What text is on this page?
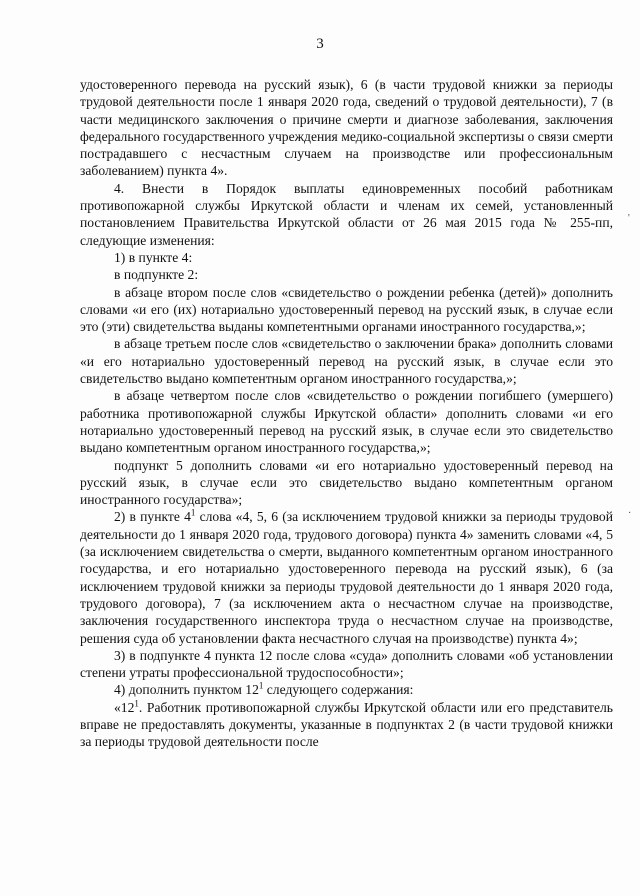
3

удостоверенного перевода на русский язык), 6 (в части трудовой книжки за периоды трудовой деятельности после 1 января 2020 года, сведений о трудовой деятельности), 7 (в части медицинского заключения о причине смерти и диагнозе заболевания, заключения федерального государственного учреждения медико-социальной экспертизы о связи смерти пострадавшего с несчастным случаем на производстве или профессиональным заболеванием) пункта 4».

4. Внести в Порядок выплаты единовременных пособий работникам противопожарной службы Иркутской области и членам их семей, установленный постановлением Правительства Иркутской области от 26 мая 2015 года № 255-пп, следующие изменения:

1) в пункте 4:

в подпункте 2:

в абзаце втором после слов «свидетельство о рождении ребенка (детей)» дополнить словами «и его (их) нотариально удостоверенный перевод на русский язык, в случае если это (эти) свидетельства выданы компетентными органами иностранного государства,»;

в абзаце третьем после слов «свидетельство о заключении брака» дополнить словами «и его нотариально удостоверенный перевод на русский язык, в случае если это свидетельство выдано компетентным органом иностранного государства,»;

в абзаце четвертом после слов «свидетельство о рождении погибшего (умершего) работника противопожарной службы Иркутской области» дополнить словами «и его нотариально удостоверенный перевод на русский язык, в случае если это свидетельство выдано компетентным органом иностранного государства,»;

подпункт 5 дополнить словами «и его нотариально удостоверенный перевод на русский язык, в случае если это свидетельство выдано компетентным органом иностранного государства»;

2) в пункте $4^1$ слова «4, 5, 6 (за исключением трудовой книжки за периоды трудовой деятельности до 1 января 2020 года, трудового договора) пункта 4» заменить словами «4, 5 (за исключением свидетельства о смерти, выданного компетентным органом иностранного государства, и его нотариально удостоверенного перевода на русский язык), 6 (за исключением трудовой книжки за периоды трудовой деятельности до 1 января 2020 года, трудового договора), 7 (за исключением акта о несчастном случае на производстве, заключения государственного инспектора труда о несчастном случае на производстве, решения суда об установлении факта несчастного случая на производстве) пункта 4»;

3) в подпункте 4 пункта 12 после слова «суда» дополнить словами «об установлении степени утраты профессиональной трудоспособности»;

4) дополнить пунктом $12^1$ следующего содержания:

«$12^1$. Работник противопожарной службы Иркутской области или его представитель вправе не предоставлять документы, указанные в подпунктах 2 (в части трудовой книжки за периоды трудовой деятельности после

'
·
